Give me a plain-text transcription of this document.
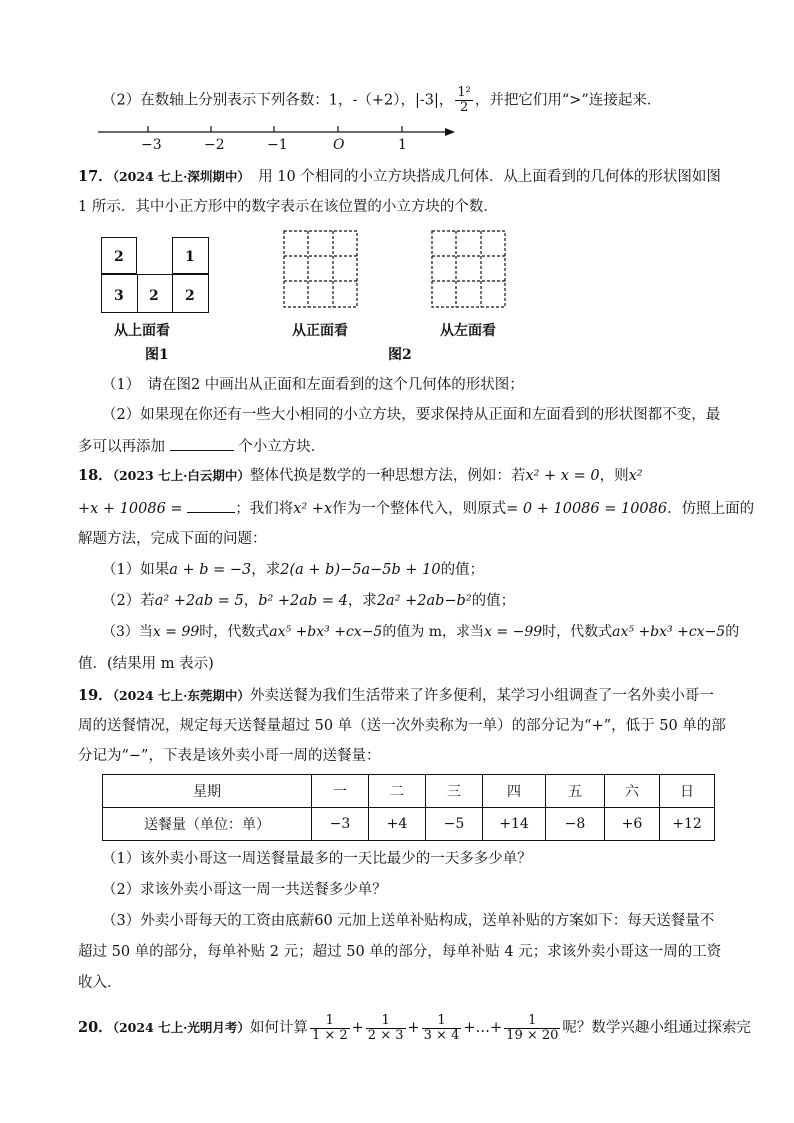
（2）在数轴上分别表示下列各数：1，-（+2），|-3|， $\frac{\text{1²}}{2}$ ，并把它们用“>”连接起来．
−3	−2	−1	O	1
17．（2024 七上·深圳期中）　 用 10 个相同的小立方块搭成几何体．从上面看到的几何体的形状图如图
1 所示．其中小正方形中的数字表示在该位置的小立方块的个数．
2	1
3 2 2
从上面看	从正面看	从左面看
图1	图2
（1）　请在图2 中画出从正面和左面看到的这个几何体的形状图；
（2）如果现在你还有一些大小相同的小立方块，要求保持从正面和左面看到的形状图都不变，最
多可以再添加	个小立方块．
18．（2023 七上·白云期中）整体代换是数学的一种思想方法，例如：若x² + x = 0，则x²
+x + 10086 =	；我们将x² +x作为一个整体代入，则原式= 0 + 10086 = 10086．仿照上面的
解题方法，完成下面的问题：
（1）如果a + b = −3，求2(a + b)−5a−5b + 10的值；
（2）若a² +2ab = 5，b² +2ab = 4，求2a² +2ab−b²的值；
（3）当x = 99时，代数式ax⁵ +bx³ +cx−5的值为 m，求当x = −99时，代数式ax⁵ +bx³ +cx−5的
值．(结果用 m 表示)
19．（2024 七上·东莞期中）外卖送餐为我们生活带来了许多便利，某学习小组调查了一名外卖小哥一
周的送餐情况，规定每天送餐量超过 50 单（送一次外卖称为一单）的部分记为“+”，低于 50 单的部
分记为“−”，下表是该外卖小哥一周的送餐量：
星期	一	二	三	四	五	六	日
送餐量（单位：单）	−3	+4	−5	+14	−8	+6	+12
（1）该外卖小哥这一周送餐量最多的一天比最少的一天多多少单？
（2）求该外卖小哥这一周一共送餐多少单？
（3）外卖小哥每天的工资由底薪60 元加上送单补贴构成，送单补贴的方案如下：每天送餐量不
超过 50 单的部分，每单补贴 2 元；超过 50 单的部分，每单补贴 4 元；求该外卖小哥这一周的工资
收入．
20．（2024 七上·光明月考）如何计算 $\frac{1}{1 \times 2} + \frac{1}{2 \times 3} + \frac{1}{3 \times 4}$ +…+ $\frac{1}{19 \times 20}$ 呢？数学兴趣小组通过探索完
